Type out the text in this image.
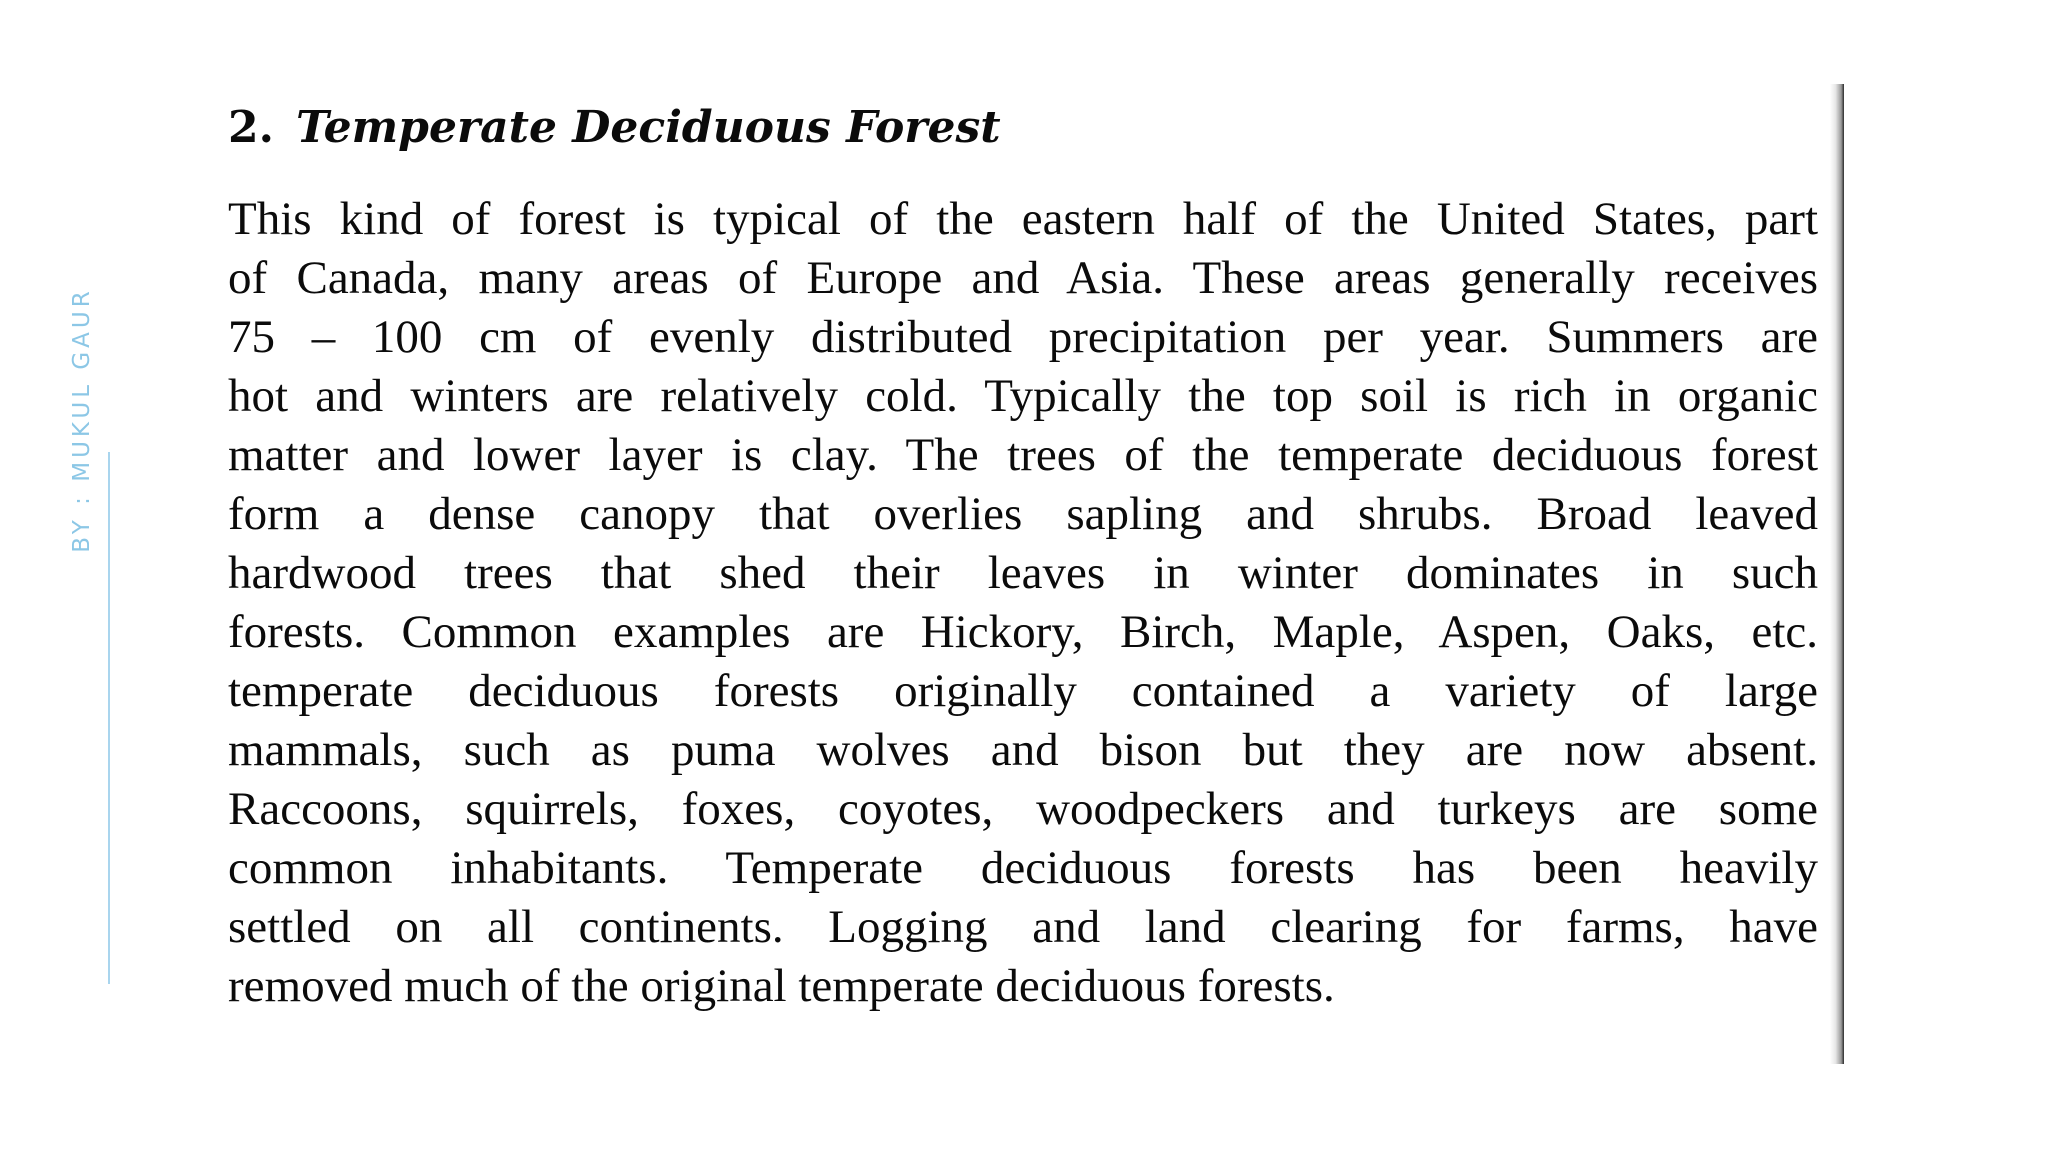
BY : MUKUL GAUR
2. Temperate Deciduous Forest
This kind of forest is typical of the eastern half of the United States, part
of Canada, many areas of Europe and Asia. These areas generally receives
75 – 100 cm of evenly distributed precipitation per year. Summers are
hot and winters are relatively cold. Typically the top soil is rich in organic
matter and lower layer is clay. The trees of the temperate deciduous forest
form a dense canopy that overlies sapling and shrubs. Broad leaved
hardwood trees that shed their leaves in winter dominates in such
forests. Common examples are Hickory, Birch, Maple, Aspen, Oaks, etc.
temperate deciduous forests originally contained a variety of large
mammals, such as puma wolves and bison but they are now absent.
Raccoons, squirrels, foxes, coyotes, woodpeckers and turkeys are some
common inhabitants. Temperate deciduous forests has been heavily
settled on all continents. Logging and land clearing for farms, have
removed much of the original temperate deciduous forests.
